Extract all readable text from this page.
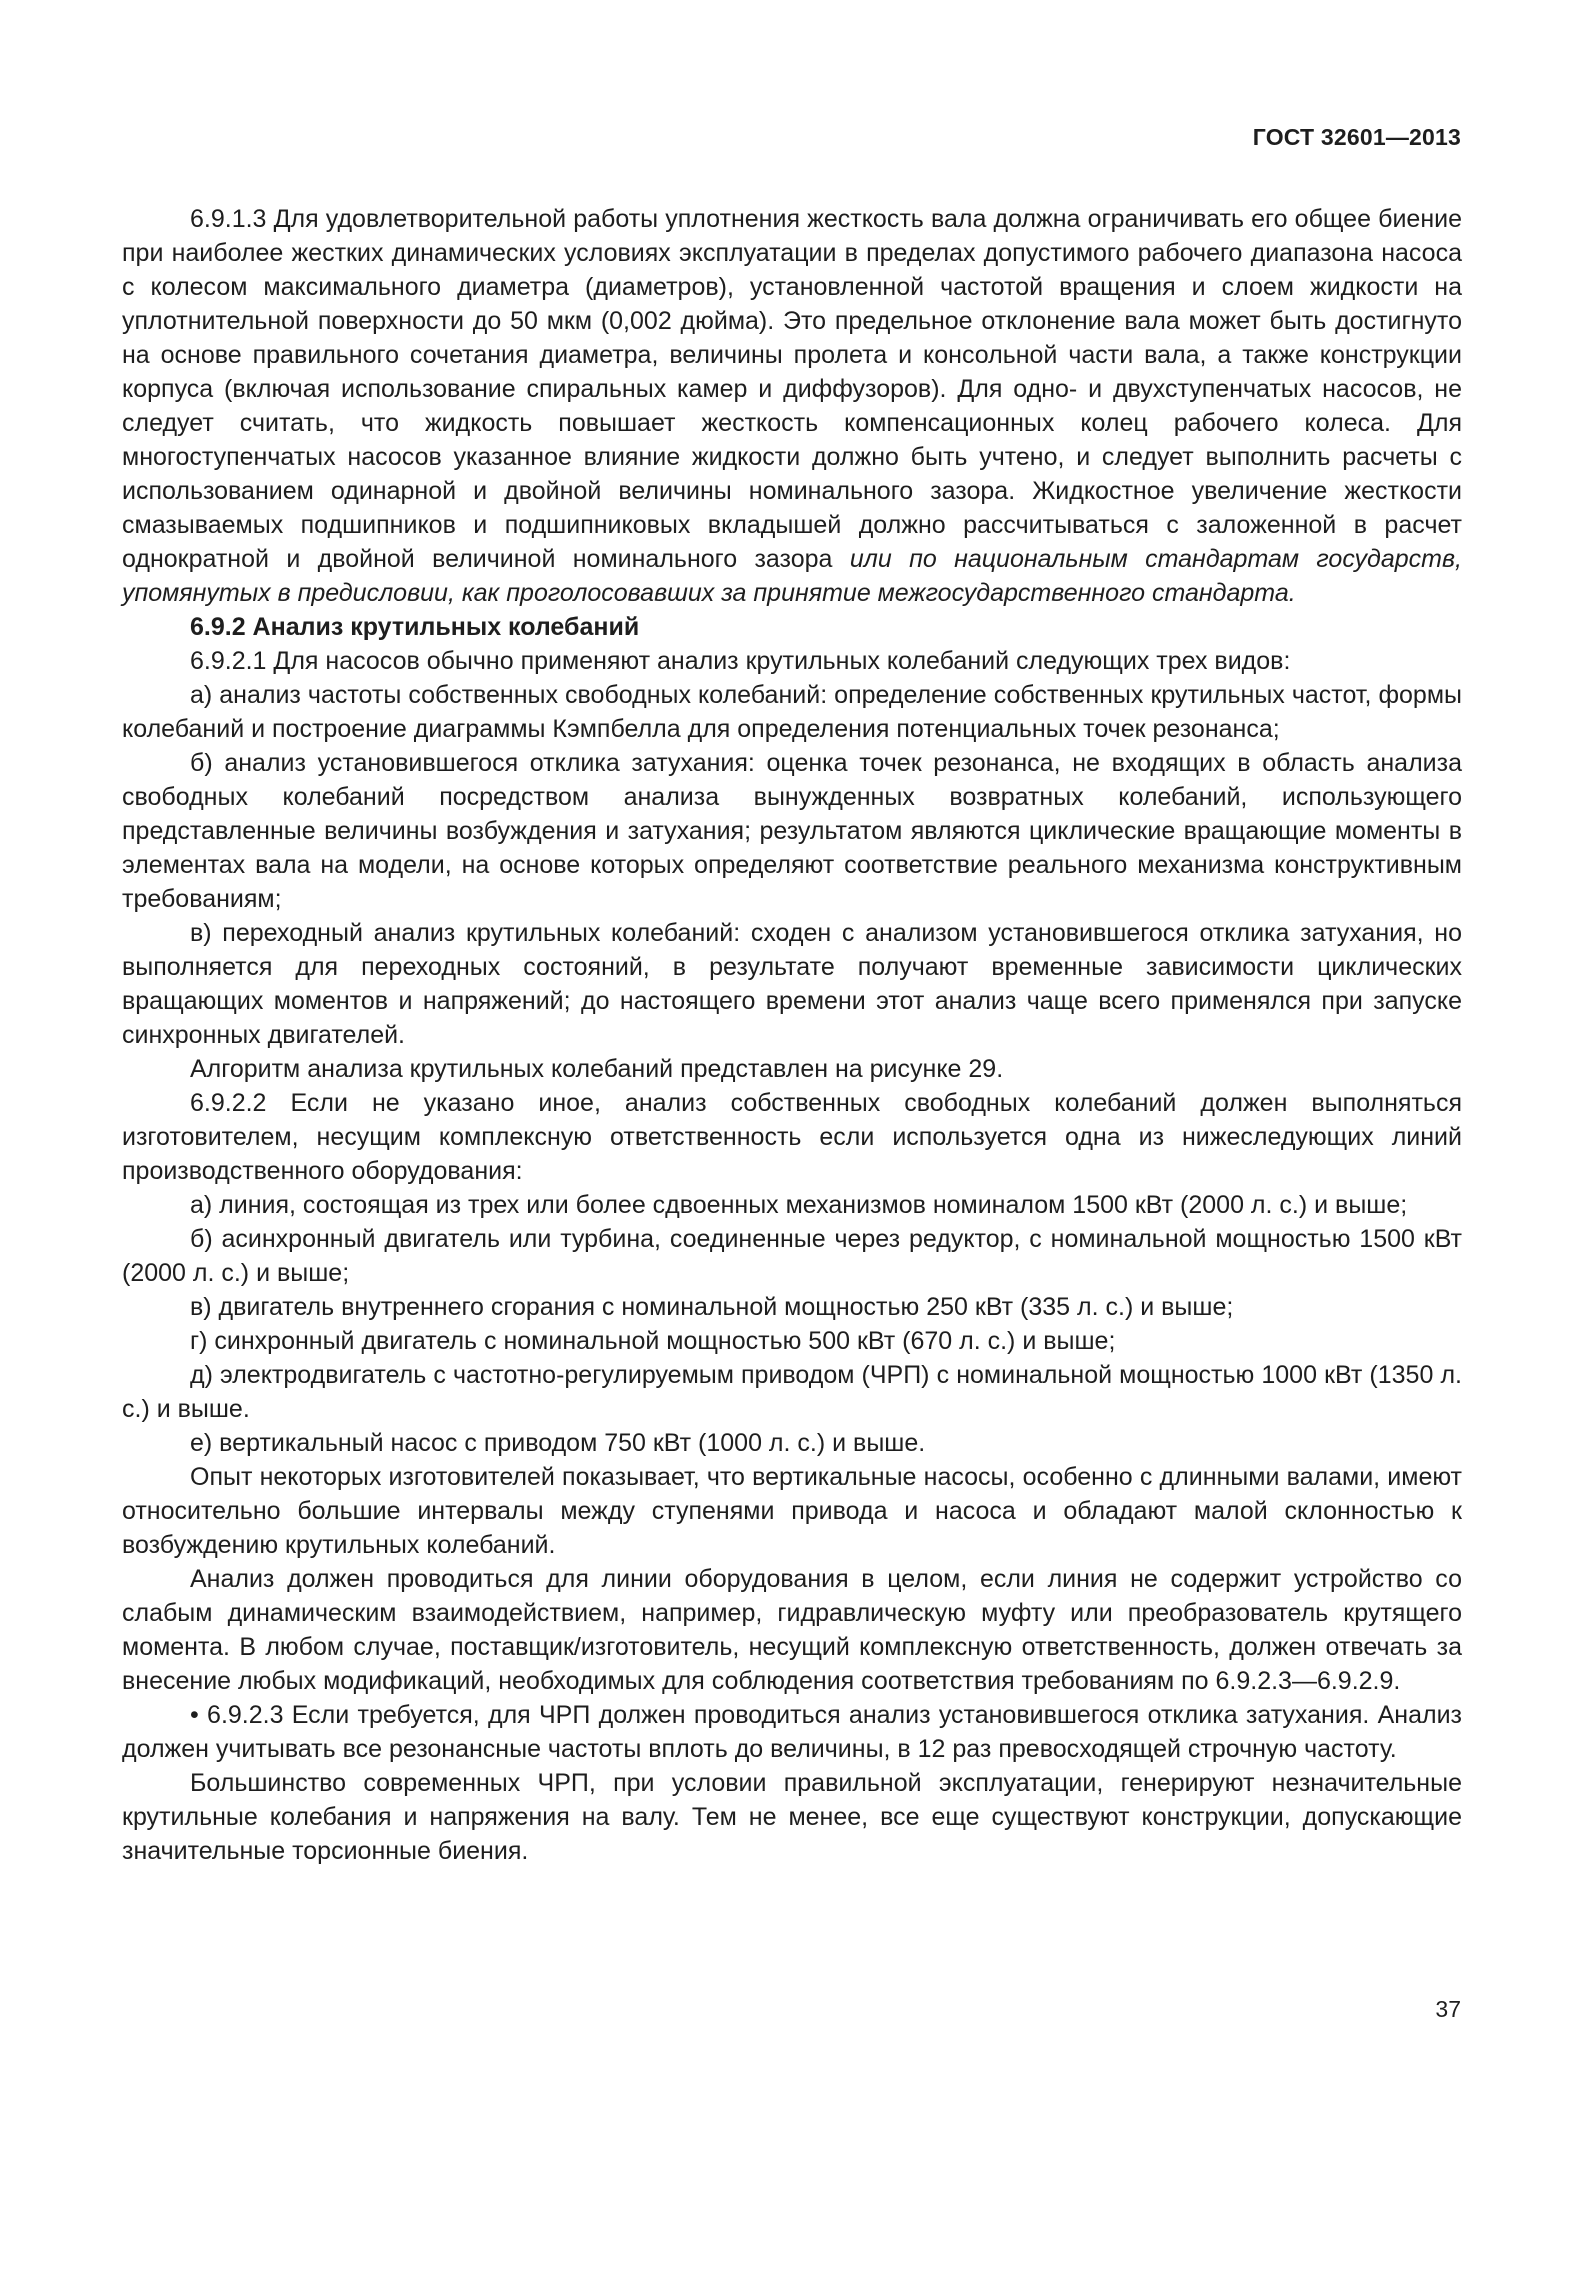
ГОСТ 32601—2013

6.9.1.3 Для удовлетворительной работы уплотнения жесткость вала должна ограничивать его общее биение при наиболее жестких динамических условиях эксплуатации в пределах допустимого рабочего диапазона насоса с колесом максимального диаметра (диаметров), установленной частотой вращения и слоем жидкости на уплотнительной поверхности до 50 мкм (0,002 дюйма). Это предельное отклонение вала может быть достигнуто на основе правильного сочетания диаметра, величины пролета и консольной части вала, а также конструкции корпуса (включая использование спиральных камер и диффузоров). Для одно- и двухступенчатых насосов, не следует считать, что жидкость повышает жесткость компенсационных колец рабочего колеса. Для многоступенчатых насосов указанное влияние жидкости должно быть учтено, и следует выполнить расчеты с использованием одинарной и двойной величины номинального зазора. Жидкостное увеличение жесткости смазываемых подшипников и подшипниковых вкладышей должно рассчитываться с заложенной в расчет однократной и двойной величиной номинального зазора или по национальным стандартам государств, упомянутых в предисловии, как проголосовавших за принятие межгосударственного стандарта.

6.9.2 Анализ крутильных колебаний

6.9.2.1 Для насосов обычно применяют анализ крутильных колебаний следующих трех видов:

а) анализ частоты собственных свободных колебаний: определение собственных крутильных частот, формы колебаний и построение диаграммы Кэмпбелла для определения потенциальных точек резонанса;

б) анализ установившегося отклика затухания: оценка точек резонанса, не входящих в область анализа свободных колебаний посредством анализа вынужденных возвратных колебаний, использующего представленные величины возбуждения и затухания; результатом являются циклические вращающие моменты в элементах вала на модели, на основе которых определяют соответствие реального механизма конструктивным требованиям;

в) переходный анализ крутильных колебаний: сходен с анализом установившегося отклика затухания, но выполняется для переходных состояний, в результате получают временные зависимости циклических вращающих моментов и напряжений; до настоящего времени этот анализ чаще всего применялся при запуске синхронных двигателей.

Алгоритм анализа крутильных колебаний представлен на рисунке 29.

6.9.2.2 Если не указано иное, анализ собственных свободных колебаний должен выполняться изготовителем, несущим комплексную ответственность если используется одна из нижеследующих линий производственного оборудования:

а) линия, состоящая из трех или более сдвоенных механизмов номиналом 1500 кВт (2000 л. с.) и выше;

б) асинхронный двигатель или турбина, соединенные через редуктор, с номинальной мощностью 1500 кВт (2000 л. с.) и выше;

в) двигатель внутреннего сгорания с номинальной мощностью 250 кВт (335 л. с.) и выше;

г) синхронный двигатель с номинальной мощностью 500 кВт (670 л. с.) и выше;

д) электродвигатель с частотно-регулируемым приводом (ЧРП) с номинальной мощностью 1000 кВт (1350 л. с.) и выше.

е) вертикальный насос с приводом 750 кВт (1000 л. с.) и выше.

Опыт некоторых изготовителей показывает, что вертикальные насосы, особенно с длинными валами, имеют относительно большие интервалы между ступенями привода и насоса и обладают малой склонностью к возбуждению крутильных колебаний.

Анализ должен проводиться для линии оборудования в целом, если линия не содержит устройство со слабым динамическим взаимодействием, например, гидравлическую муфту или преобразователь крутящего момента. В любом случае, поставщик/изготовитель, несущий комплексную ответственность, должен отвечать за внесение любых модификаций, необходимых для соблюдения соответствия требованиям по 6.9.2.3—6.9.2.9.

• 6.9.2.3 Если требуется, для ЧРП должен проводиться анализ установившегося отклика затухания. Анализ должен учитывать все резонансные частоты вплоть до величины, в 12 раз превосходящей строчную частоту.

Большинство современных ЧРП, при условии правильной эксплуатации, генерируют незначительные крутильные колебания и напряжения на валу. Тем не менее, все еще существуют конструкции, допускающие значительные торсионные биения.

37
